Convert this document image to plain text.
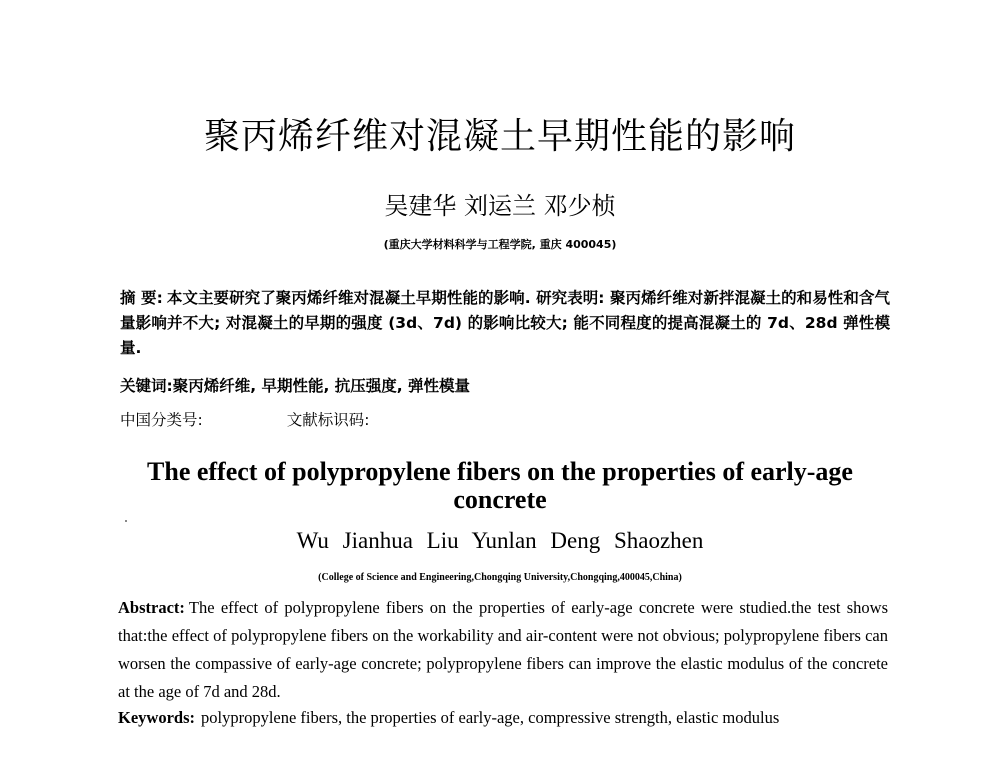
聚丙烯纤维对混凝土早期性能的影响
吴建华 刘运兰 邓少桢
(重庆大学材料科学与工程学院, 重庆 400045)
摘 要: 本文主要研究了聚丙烯纤维对混凝土早期性能的影响. 研究表明: 聚丙烯纤维对新拌混凝土的和易性和含气量影响并不大; 对混凝土的早期的强度 (3d、7d) 的影响比较大; 能不同程度的提高混凝土的 7d、28d 弹性模量.
关键词:聚丙烯纤维, 早期性能, 抗压强度, 弹性模量
中国分类号:	文献标识码:
The effect of polypropylene fibers on the properties of early-age concrete
Wu Jianhua Liu Yunlan Deng Shaozhen
(College of Science and Engineering,Chongqing University,Chongqing,400045,China)
Abstract: The effect of polypropylene fibers on the properties of early-age concrete were studied.the test shows that:the effect of polypropylene fibers on the workability and air-content were not obvious; polypropylene fibers can worsen the compassive of early-age concrete; polypropylene fibers can improve the elastic modulus of the concrete at the age of 7d and 28d.
Keywords: polypropylene fibers, the properties of early-age, compressive strength, elastic modulus
